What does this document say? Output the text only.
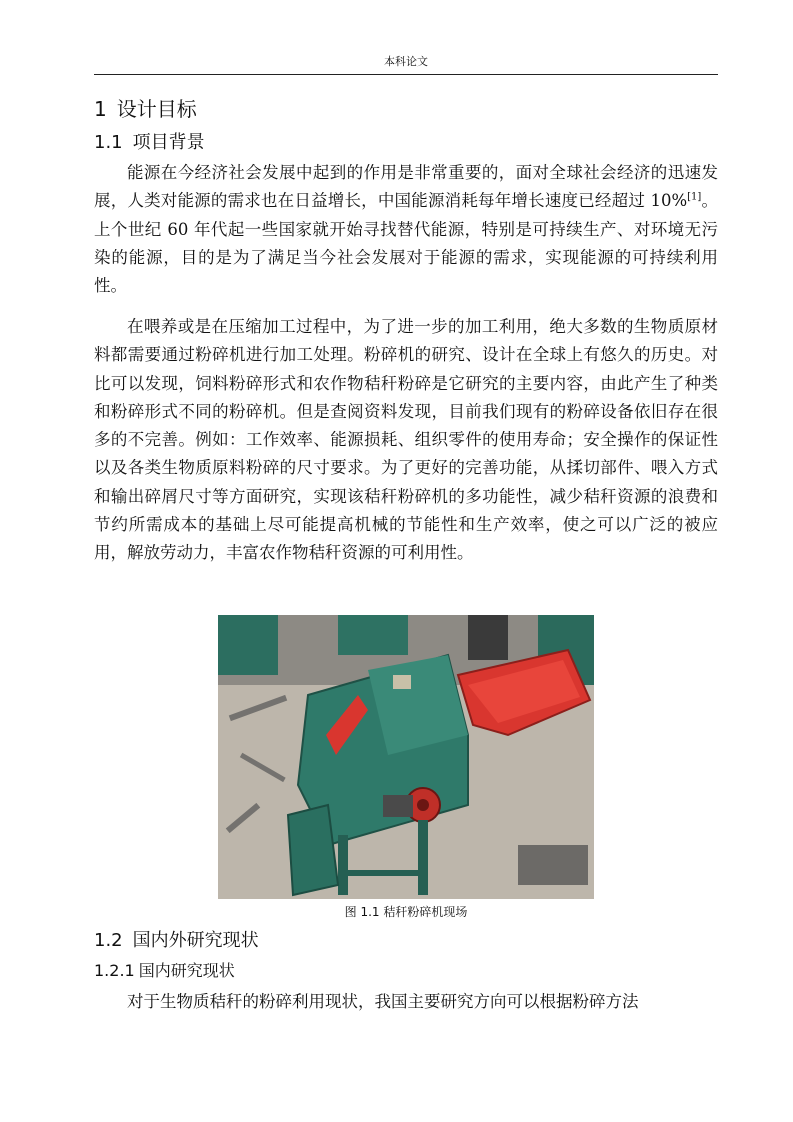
本科论文
1 设计目标
1.1 项目背景

能源在今经济社会发展中起到的作用是非常重要的，面对全球社会经济的迅速发展，人类对能源的需求也在日益增长，中国能源消耗每年增长速度已经超过 10%[1]。上个世纪 60 年代起一些国家就开始寻找替代能源，特别是可持续生产、对环境无污染的能源，目的是为了满足当今社会发展对于能源的需求，实现能源的可持续利用性。

在喂养或是在压缩加工过程中，为了进一步的加工利用，绝大多数的生物质原材料都需要通过粉碎机进行加工处理。粉碎机的研究、设计在全球上有悠久的历史。对比可以发现，饲料粉碎形式和农作物秸秆粉碎是它研究的主要内容，由此产生了种类和粉碎形式不同的粉碎机。但是查阅资料发现，目前我们现有的粉碎设备依旧存在很多的不完善。例如：工作效率、能源损耗、组织零件的使用寿命；安全操作的保证性以及各类生物质原料粉碎的尺寸要求。为了更好的完善功能，从揉切部件、喂入方式和输出碎屑尺寸等方面研究，实现该秸秆粉碎机的多功能性，减少秸秆资源的浪费和节约所需成本的基础上尽可能提高机械的节能性和生产效率，使之可以广泛的被应用，解放劳动力，丰富农作物秸秆资源的可利用性。

图 1.1 秸秆粉碎机现场
1.2 国内外研究现状
1.2.1 国内研究现状

对于生物质秸秆的粉碎利用现状，我国主要研究方向可以根据粉碎方法
